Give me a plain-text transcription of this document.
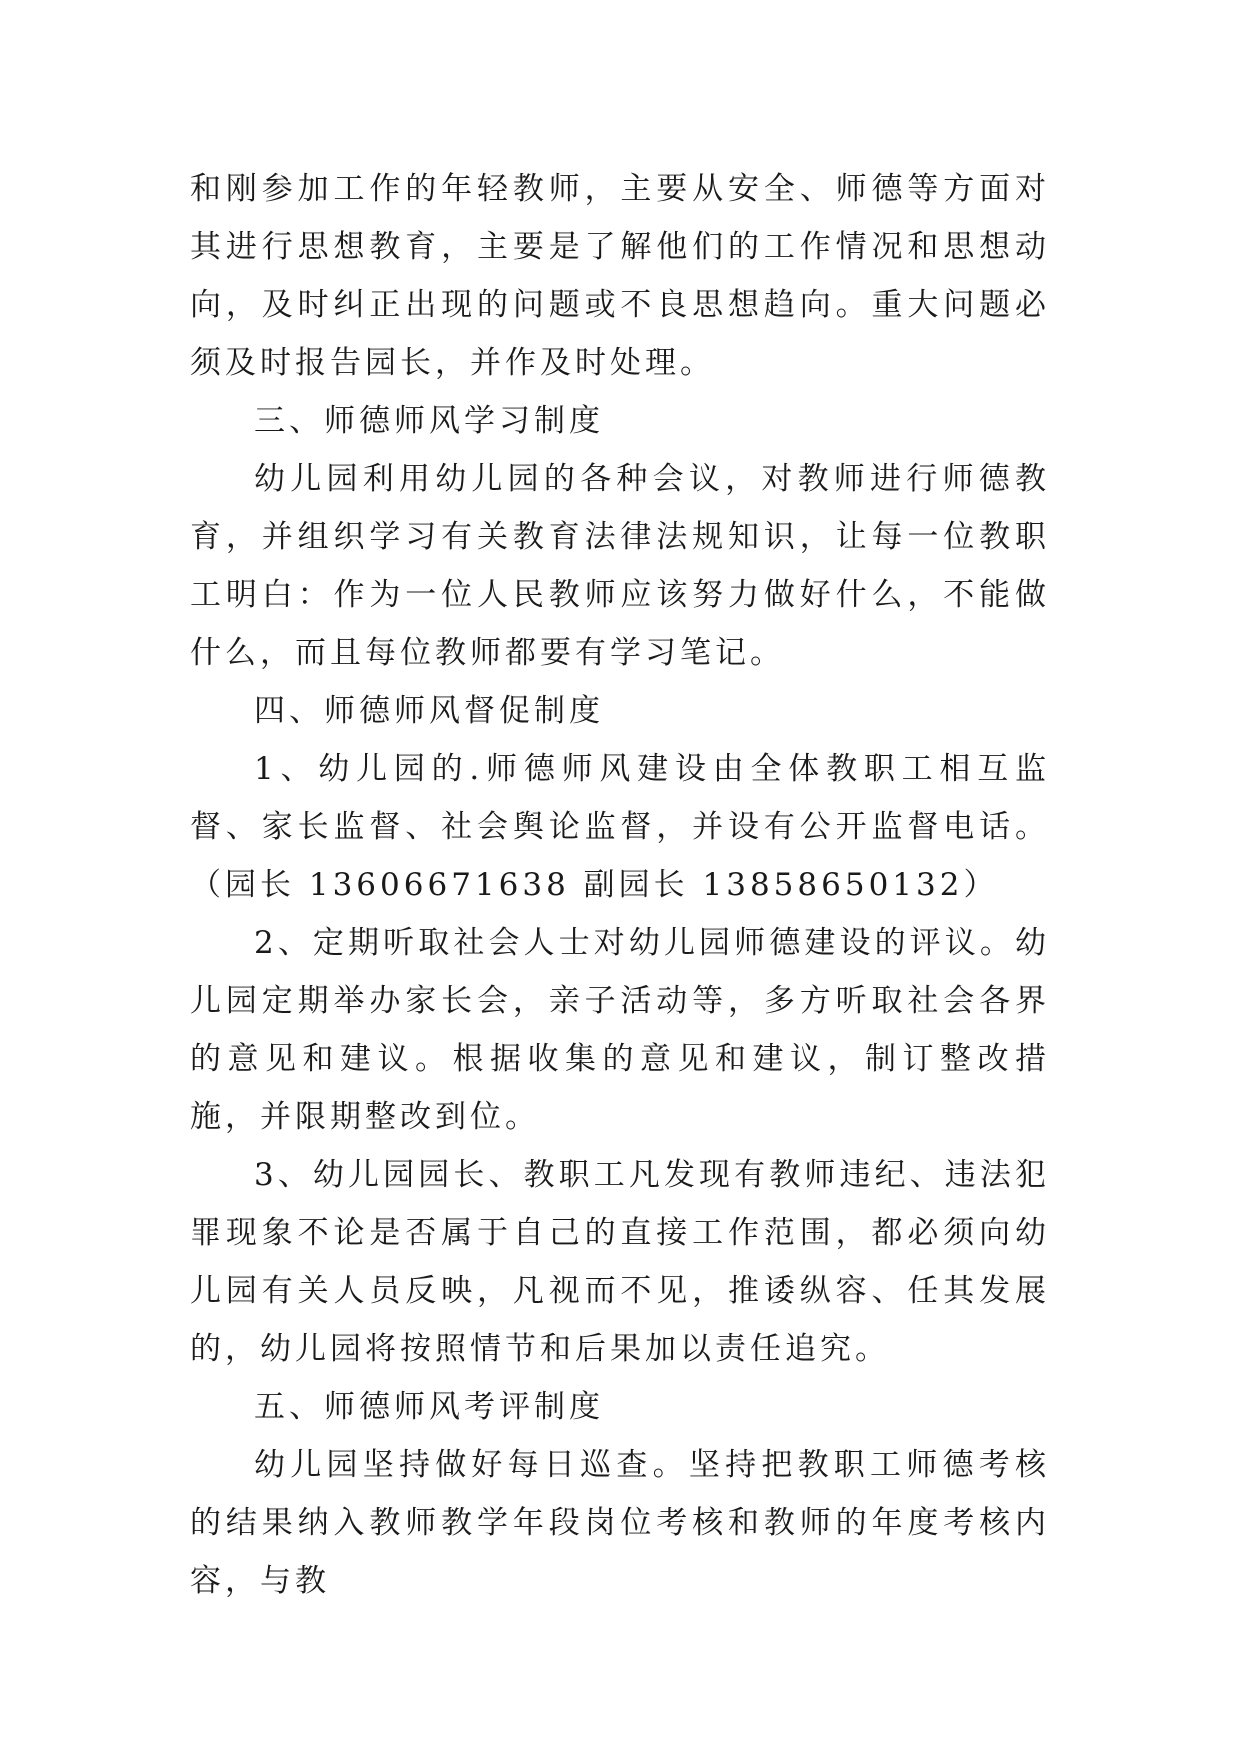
和刚参加工作的年轻教师，主要从安全、师德等方面对其进行思想教育，主要是了解他们的工作情况和思想动向，及时纠正出现的问题或不良思想趋向。重大问题必须及时报告园长，并作及时处理。

三、师德师风学习制度

幼儿园利用幼儿园的各种会议，对教师进行师德教育，并组织学习有关教育法律法规知识，让每一位教职工明白：作为一位人民教师应该努力做好什么，不能做什么，而且每位教师都要有学习笔记。

四、师德师风督促制度

1、幼儿园的.师德师风建设由全体教职工相互监督、家长监督、社会舆论监督，并设有公开监督电话。（园长 13606671638 副园长 13858650132）

2、定期听取社会人士对幼儿园师德建设的评议。幼儿园定期举办家长会，亲子活动等，多方听取社会各界的意见和建议。根据收集的意见和建议，制订整改措施，并限期整改到位。

3、幼儿园园长、教职工凡发现有教师违纪、违法犯罪现象不论是否属于自己的直接工作范围，都必须向幼儿园有关人员反映，凡视而不见，推诿纵容、任其发展的，幼儿园将按照情节和后果加以责任追究。

五、师德师风考评制度

幼儿园坚持做好每日巡查。坚持把教职工师德考核的结果纳入教师教学年段岗位考核和教师的年度考核内容，与教
